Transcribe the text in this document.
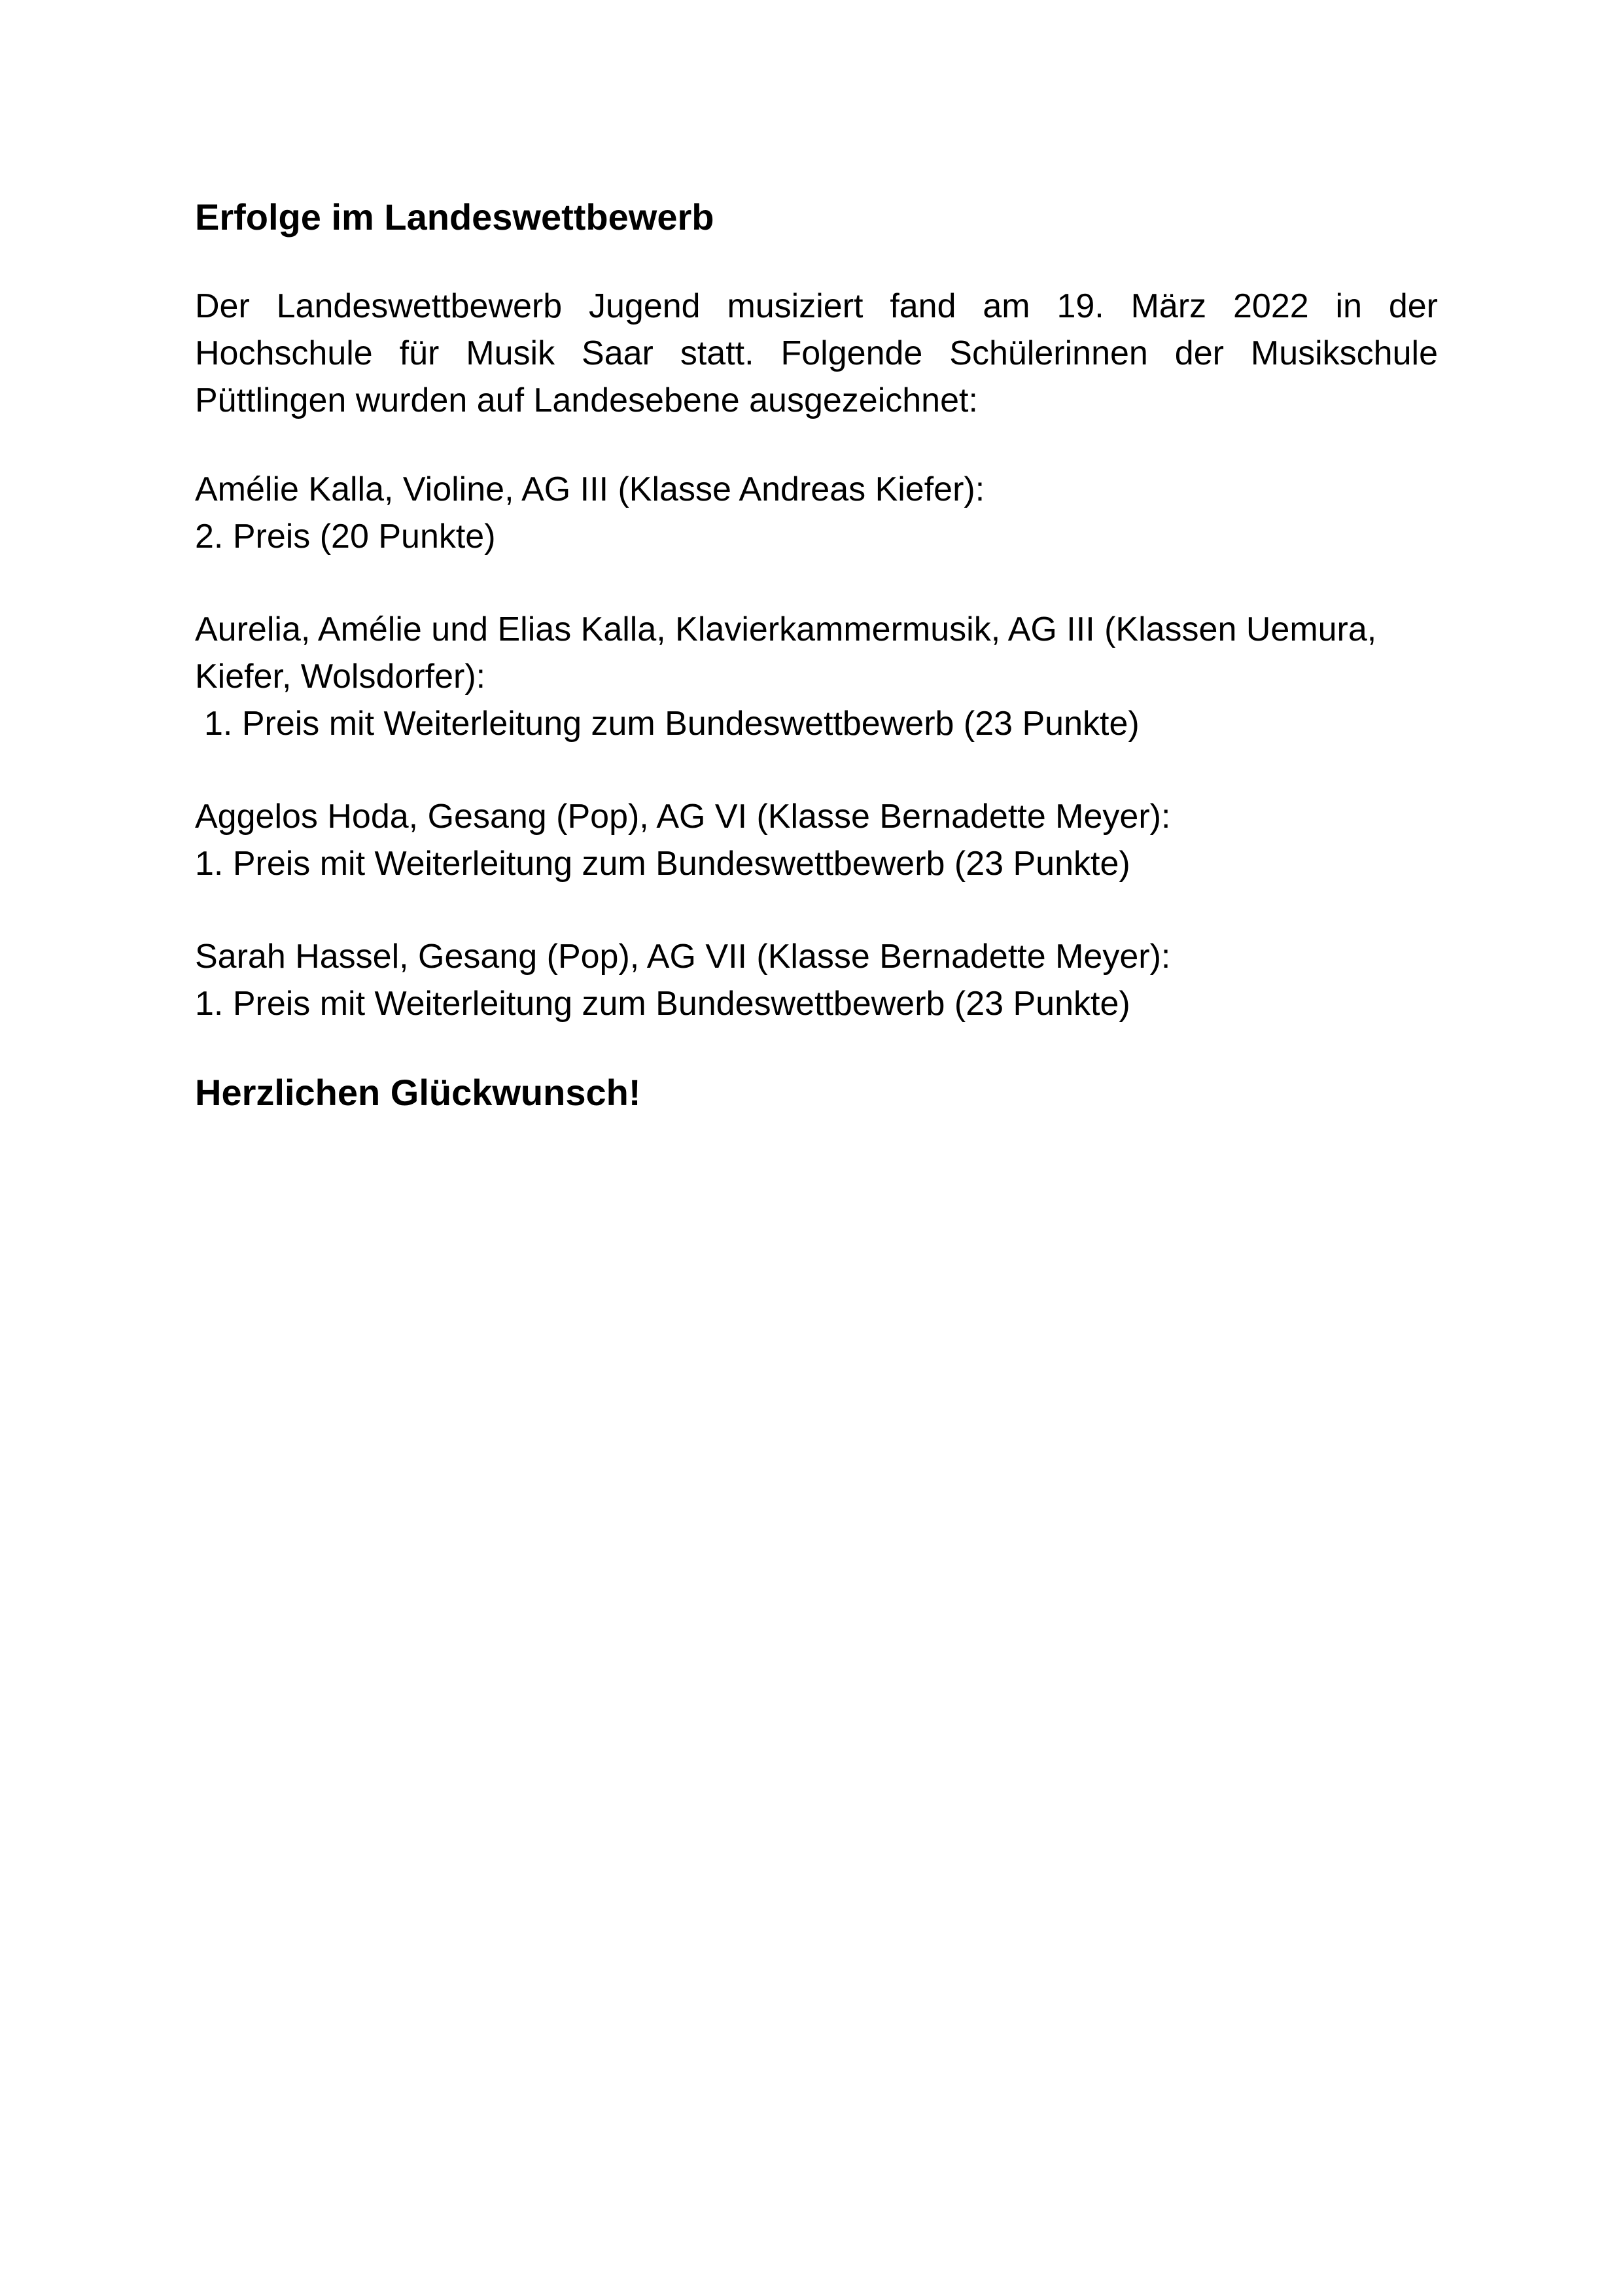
Erfolge im Landeswettbewerb

Der Landeswettbewerb Jugend musiziert fand am 19. März 2022 in der Hochschule für Musik Saar statt. Folgende Schülerinnen der Musikschule Püttlingen wurden auf Landesebene ausgezeichnet:

Amélie Kalla, Violine, AG III (Klasse Andreas Kiefer):
2. Preis (20 Punkte)
Aurelia, Amélie und Elias Kalla, Klavierkammermusik, AG III (Klassen Uemura, Kiefer, Wolsdorfer):
1. Preis mit Weiterleitung zum Bundeswettbewerb (23 Punkte)
Aggelos Hoda, Gesang (Pop), AG VI (Klasse Bernadette Meyer):
1. Preis mit Weiterleitung zum Bundeswettbewerb (23 Punkte)
Sarah Hassel, Gesang (Pop), AG VII (Klasse Bernadette Meyer):
1. Preis mit Weiterleitung zum Bundeswettbewerb (23 Punkte)
Herzlichen Glückwunsch!
